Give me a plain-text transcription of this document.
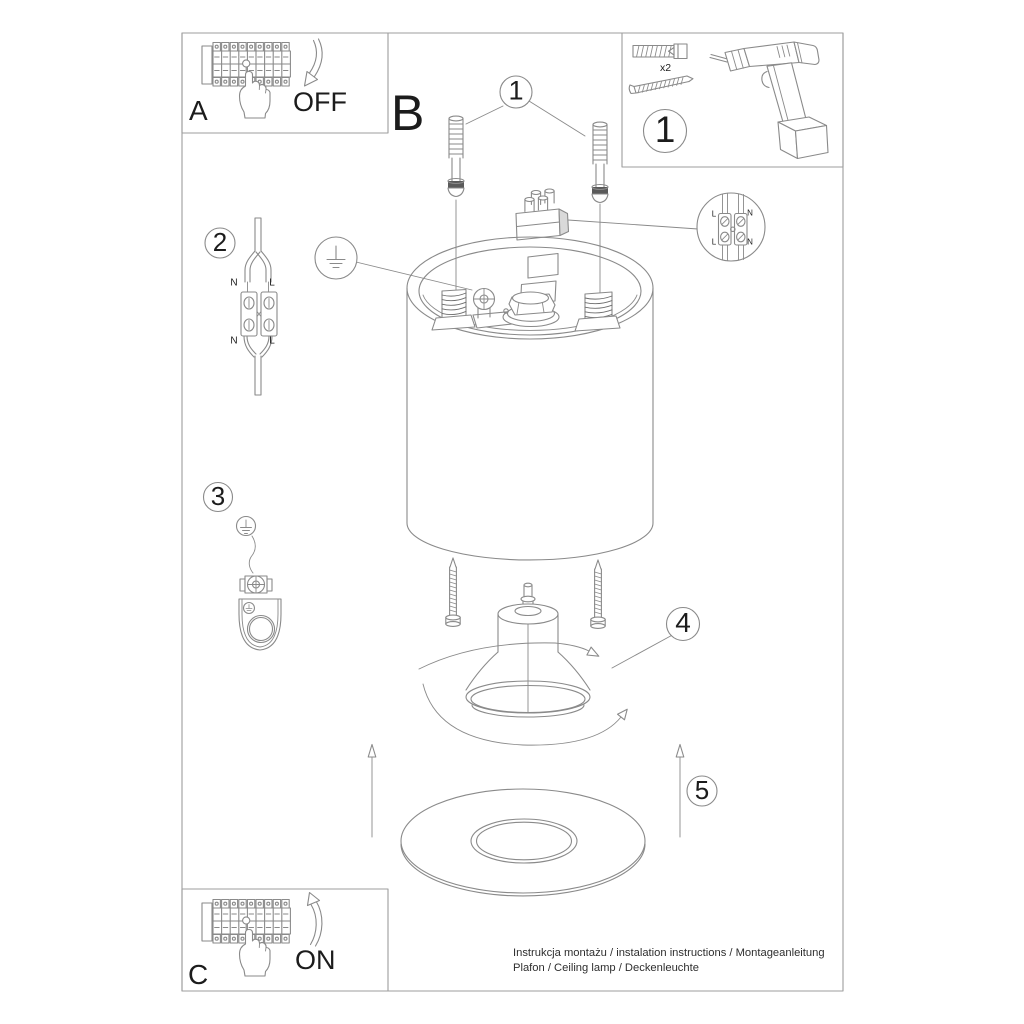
A	OFF B	1
x2
1
2
N	L
N	L
L	N
L	N
3
4
5
C	ON	Instrukcja montażu / instalation instructions / Montageanleitung
Plafon / Ceiling lamp / Deckenleuchte
